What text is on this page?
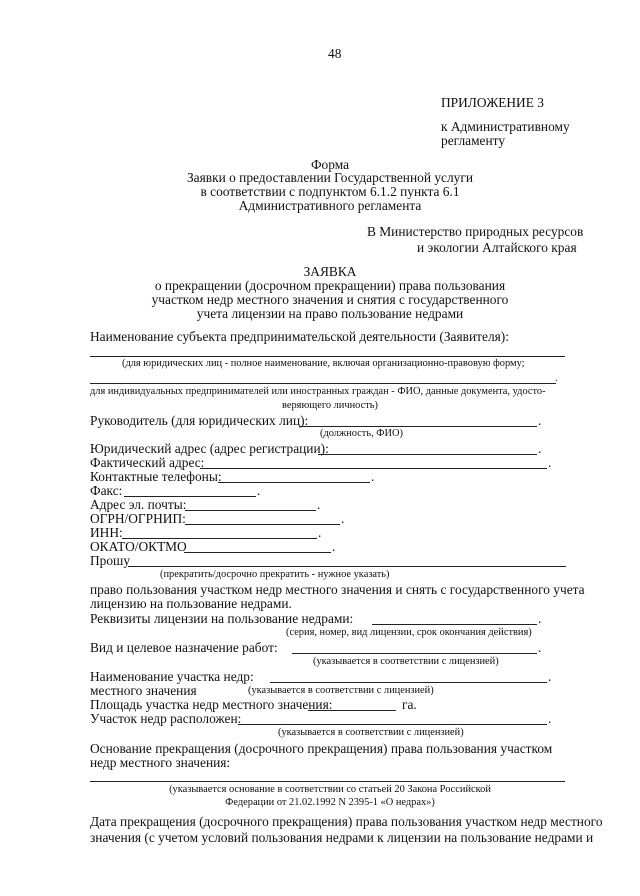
48
ПРИЛОЖЕНИЕ 3
к Административному
регламенту
Форма
Заявки о предоставлении Государственной услуги
в соответствии с подпунктом 6.1.2 пункта 6.1
Административного регламента
В Министерство природных ресурсов
и экологии Алтайского края
ЗАЯВКА
о прекращении (досрочном прекращении) права пользования
участком недр местного значения и снятия с государственного
учета лицензии на право пользование недрами
Наименование субъекта предпринимательской деятельности (Заявителя):
(для юридических лиц - полное наименование, включая организационно-правовую форму;
.
для индивидуальных предпринимателей или иностранных граждан - ФИО, данные документа, удосто-
веряющего личность)
Руководитель (для юридических лиц):	.
(должность, ФИО)
Юридический адрес (адрес регистрации):	.
Фактический адрес:	.
Контактные телефоны:	.
Факс:	.
Адрес эл. почты:	.
ОГРН/ОГРНИП:	.
ИНН:	.
ОКАТО/ОКТМО	.
Прошу
(прекратить/досрочно прекратить - нужное указать)
право пользования участком недр местного значения и снять с государственного учета
лицензию на пользование недрами.
Реквизиты лицензии на пользование недрами:	.
(серия, номер, вид лицензии, срок окончания действия)
Вид и целевое назначение работ:	.
(указывается в соответствии с лицензией)
Наименование участка недр:	.
местного значения	(указывается в соответствии с лицензией)
Площадь участка недр местного значения:	га.
Участок недр расположен:	.
(указывается в соответствии с лицензией)
Основание прекращения (досрочного прекращения) права пользования участком
недр местного значения:
(указывается основание в соответствии со статьей 20 Закона Российской
Федерации от 21.02.1992 N 2395-1 «О недрах»)
Дата прекращения (досрочного прекращения) права пользования участком недр местного
значения (с учетом условий пользования недрами к лицензии на пользование недрами и
